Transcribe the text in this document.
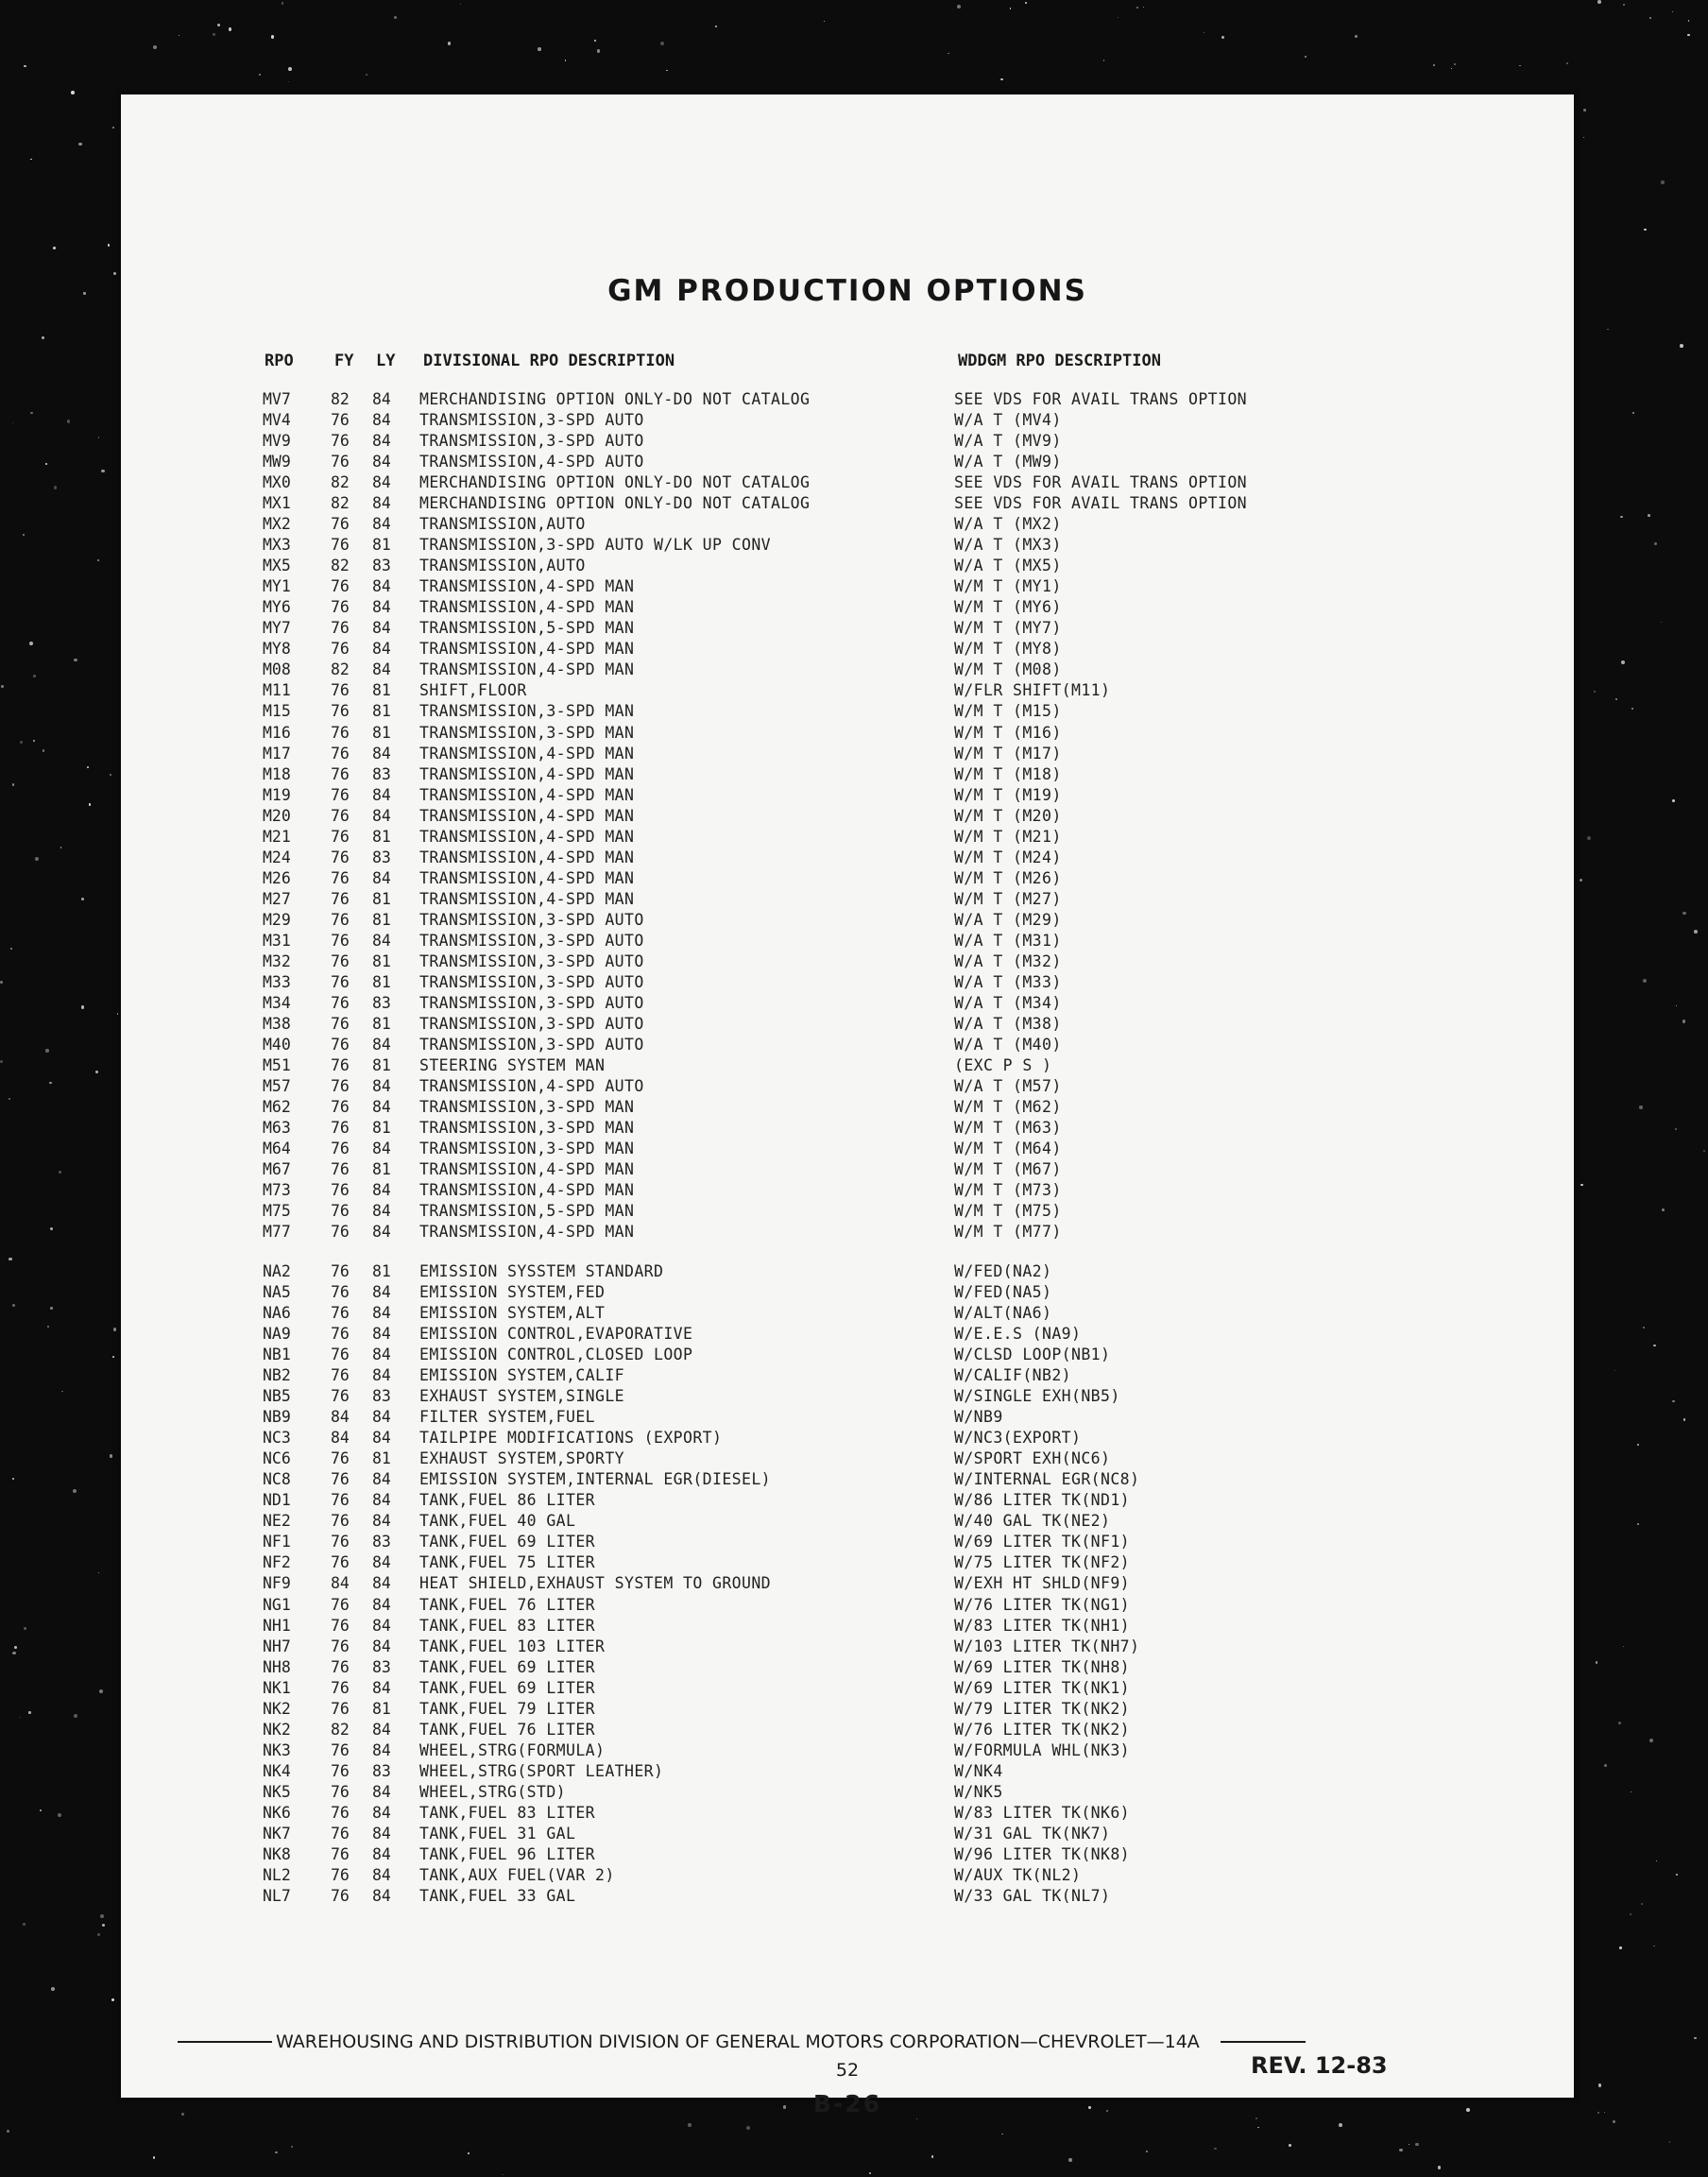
GM PRODUCTION OPTIONS
RPO	FY LY DIVISIONAL RPO DESCRIPTION	WDDGM RPO DESCRIPTION
MV7	82 84 MERCHANDISING OPTION ONLY-DO NOT CATALOG	SEE VDS FOR AVAIL TRANS OPTION
MV4	76 84 TRANSMISSION,3-SPD AUTO	W/A T (MV4)
MV9	76 84 TRANSMISSION,3-SPD AUTO	W/A T (MV9)
MW9	76 84 TRANSMISSION,4-SPD AUTO	W/A T (MW9)
MX0	82 84 MERCHANDISING OPTION ONLY-DO NOT CATALOG	SEE VDS FOR AVAIL TRANS OPTION
MX1	82 84 MERCHANDISING OPTION ONLY-DO NOT CATALOG	SEE VDS FOR AVAIL TRANS OPTION
MX2	76 84 TRANSMISSION,AUTO	W/A T (MX2)
MX3	76 81 TRANSMISSION,3-SPD AUTO W/LK UP CONV	W/A T (MX3)
MX5	82 83 TRANSMISSION,AUTO	W/A T (MX5)
MY1	76 84 TRANSMISSION,4-SPD MAN	W/M T (MY1)
MY6	76 84 TRANSMISSION,4-SPD MAN	W/M T (MY6)
MY7	76 84 TRANSMISSION,5-SPD MAN	W/M T (MY7)
MY8	76 84 TRANSMISSION,4-SPD MAN	W/M T (MY8)
M08	82 84 TRANSMISSION,4-SPD MAN	W/M T (M08)
M11	76 81 SHIFT,FLOOR	W/FLR SHIFT(M11)
M15	76 81 TRANSMISSION,3-SPD MAN	W/M T (M15)
M16	76 81 TRANSMISSION,3-SPD MAN	W/M T (M16)
M17	76 84 TRANSMISSION,4-SPD MAN	W/M T (M17)
M18	76 83 TRANSMISSION,4-SPD MAN	W/M T (M18)
M19	76 84 TRANSMISSION,4-SPD MAN	W/M T (M19)
M20	76 84 TRANSMISSION,4-SPD MAN	W/M T (M20)
M21	76 81 TRANSMISSION,4-SPD MAN	W/M T (M21)
M24	76 83 TRANSMISSION,4-SPD MAN	W/M T (M24)
M26	76 84 TRANSMISSION,4-SPD MAN	W/M T (M26)
M27	76 81 TRANSMISSION,4-SPD MAN	W/M T (M27)
M29	76 81 TRANSMISSION,3-SPD AUTO	W/A T (M29)
M31	76 84 TRANSMISSION,3-SPD AUTO	W/A T (M31)
M32	76 81 TRANSMISSION,3-SPD AUTO	W/A T (M32)
M33	76 81 TRANSMISSION,3-SPD AUTO	W/A T (M33)
M34	76 83 TRANSMISSION,3-SPD AUTO	W/A T (M34)
M38	76 81 TRANSMISSION,3-SPD AUTO	W/A T (M38)
M40	76 84 TRANSMISSION,3-SPD AUTO	W/A T (M40)
M51	76 81 STEERING SYSTEM MAN	(EXC P S )
M57	76 84 TRANSMISSION,4-SPD AUTO	W/A T (M57)
M62	76 84 TRANSMISSION,3-SPD MAN	W/M T (M62)
M63	76 81 TRANSMISSION,3-SPD MAN	W/M T (M63)
M64	76 84 TRANSMISSION,3-SPD MAN	W/M T (M64)
M67	76 81 TRANSMISSION,4-SPD MAN	W/M T (M67)
M73	76 84 TRANSMISSION,4-SPD MAN	W/M T (M73)
M75	76 84 TRANSMISSION,5-SPD MAN	W/M T (M75)
M77	76 84 TRANSMISSION,4-SPD MAN	W/M T (M77)
NA2	76 81 EMISSION SYSSTEM STANDARD	W/FED(NA2)
NA5	76 84 EMISSION SYSTEM,FED	W/FED(NA5)
NA6	76 84 EMISSION SYSTEM,ALT	W/ALT(NA6)
NA9	76 84 EMISSION CONTROL,EVAPORATIVE	W/E.E.S (NA9)
NB1	76 84 EMISSION CONTROL,CLOSED LOOP	W/CLSD LOOP(NB1)
NB2	76 84 EMISSION SYSTEM,CALIF	W/CALIF(NB2)
NB5	76 83 EXHAUST SYSTEM,SINGLE	W/SINGLE EXH(NB5)
NB9	84 84 FILTER SYSTEM,FUEL	W/NB9
NC3	84 84 TAILPIPE MODIFICATIONS (EXPORT)	W/NC3(EXPORT)
NC6	76 81 EXHAUST SYSTEM,SPORTY	W/SPORT EXH(NC6)
NC8	76 84 EMISSION SYSTEM,INTERNAL EGR(DIESEL)	W/INTERNAL EGR(NC8)
ND1	76 84 TANK,FUEL 86 LITER	W/86 LITER TK(ND1)
NE2	76 84 TANK,FUEL 40 GAL	W/40 GAL TK(NE2)
NF1	76 83 TANK,FUEL 69 LITER	W/69 LITER TK(NF1)
NF2	76 84 TANK,FUEL 75 LITER	W/75 LITER TK(NF2)
NF9	84 84 HEAT SHIELD,EXHAUST SYSTEM TO GROUND	W/EXH HT SHLD(NF9)
NG1	76 84 TANK,FUEL 76 LITER	W/76 LITER TK(NG1)
NH1	76 84 TANK,FUEL 83 LITER	W/83 LITER TK(NH1)
NH7	76 84 TANK,FUEL 103 LITER	W/103 LITER TK(NH7)
NH8	76 83 TANK,FUEL 69 LITER	W/69 LITER TK(NH8)
NK1	76 84 TANK,FUEL 69 LITER	W/69 LITER TK(NK1)
NK2	76 81 TANK,FUEL 79 LITER	W/79 LITER TK(NK2)
NK2	82 84 TANK,FUEL 76 LITER	W/76 LITER TK(NK2)
NK3	76 84 WHEEL,STRG(FORMULA)	W/FORMULA WHL(NK3)
NK4	76 83 WHEEL,STRG(SPORT LEATHER)	W/NK4
NK5	76 84 WHEEL,STRG(STD)	W/NK5
NK6	76 84 TANK,FUEL 83 LITER	W/83 LITER TK(NK6)
NK7	76 84 TANK,FUEL 31 GAL	W/31 GAL TK(NK7)
NK8	76 84 TANK,FUEL 96 LITER	W/96 LITER TK(NK8)
NL2	76 84 TANK,AUX FUEL(VAR 2)	W/AUX TK(NL2)
NL7	76 84 TANK,FUEL 33 GAL	W/33 GAL TK(NL7)
WAREHOUSING AND DISTRIBUTION DIVISION OF GENERAL MOTORS CORPORATION—CHEVROLET—14A
52	REV. 12-83
B-26
